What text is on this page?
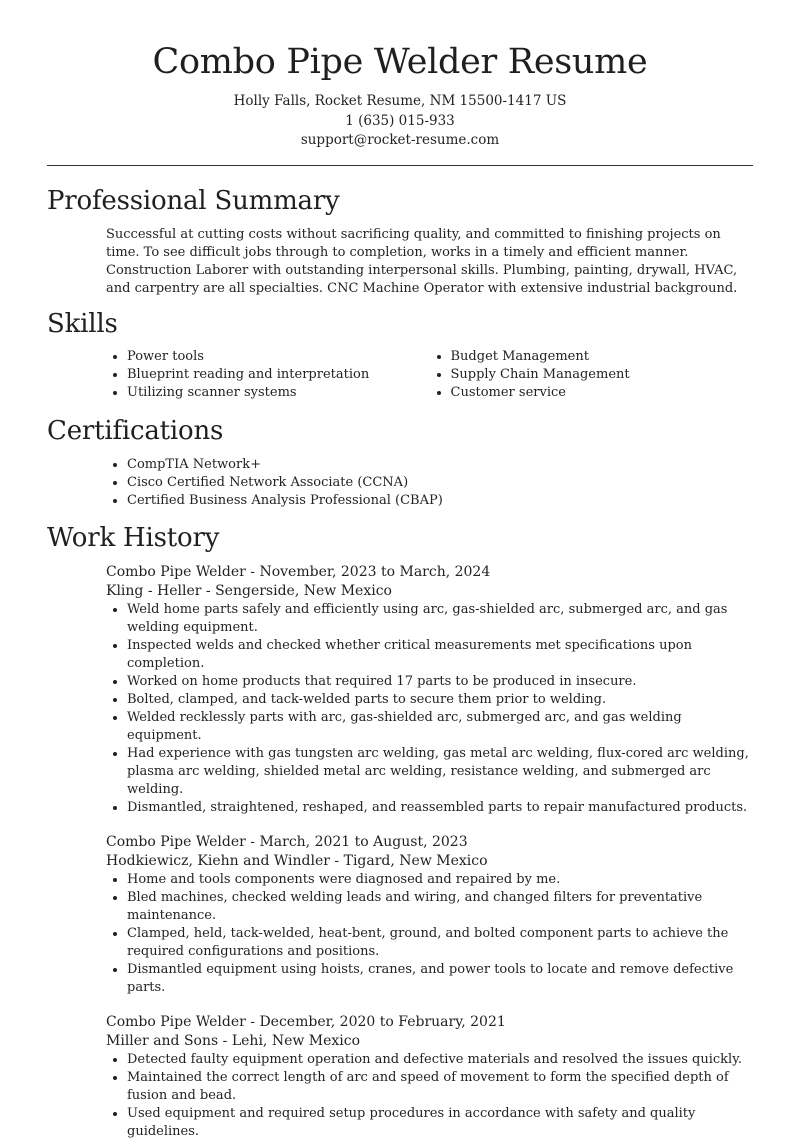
Combo Pipe Welder Resume
Holly Falls, Rocket Resume, NM 15500-1417 US
1 (635) 015-933
support@rocket-resume.com
Professional Summary

Successful at cutting costs without sacrificing quality, and committed to finishing projects on time. To see difficult jobs through to completion, works in a timely and efficient manner. Construction Laborer with outstanding interpersonal skills. Plumbing, painting, drywall, HVAC, and carpentry are all specialties. CNC Machine Operator with extensive industrial background.

Skills
• Power tools
• Blueprint reading and interpretation
• Utilizing scanner systems
• Budget Management
• Supply Chain Management
• Customer service
Certifications
• CompTIA Network+
• Cisco Certified Network Associate (CCNA)
• Certified Business Analysis Professional (CBAP)
Work History
Combo Pipe Welder - November, 2023 to March, 2024
Kling - Heller - Sengerside, New Mexico
• Weld home parts safely and efficiently using arc, gas-shielded arc, submerged arc, and gas welding equipment.
• Inspected welds and checked whether critical measurements met specifications upon completion.
• Worked on home products that required 17 parts to be produced in insecure.
• Bolted, clamped, and tack-welded parts to secure them prior to welding.
• Welded recklessly parts with arc, gas-shielded arc, submerged arc, and gas welding equipment.
• Had experience with gas tungsten arc welding, gas metal arc welding, flux-cored arc welding, plasma arc welding, shielded metal arc welding, resistance welding, and submerged arc welding.
• Dismantled, straightened, reshaped, and reassembled parts to repair manufactured products.
Combo Pipe Welder - March, 2021 to August, 2023
Hodkiewicz, Kiehn and Windler - Tigard, New Mexico
• Home and tools components were diagnosed and repaired by me.
• Bled machines, checked welding leads and wiring, and changed filters for preventative maintenance.
• Clamped, held, tack-welded, heat-bent, ground, and bolted component parts to achieve the required configurations and positions.
• Dismantled equipment using hoists, cranes, and power tools to locate and remove defective parts.
Combo Pipe Welder - December, 2020 to February, 2021
Miller and Sons - Lehi, New Mexico
• Detected faulty equipment operation and defective materials and resolved the issues quickly.
• Maintained the correct length of arc and speed of movement to form the specified depth of fusion and bead.
• Used equipment and required setup procedures in accordance with safety and quality guidelines.
